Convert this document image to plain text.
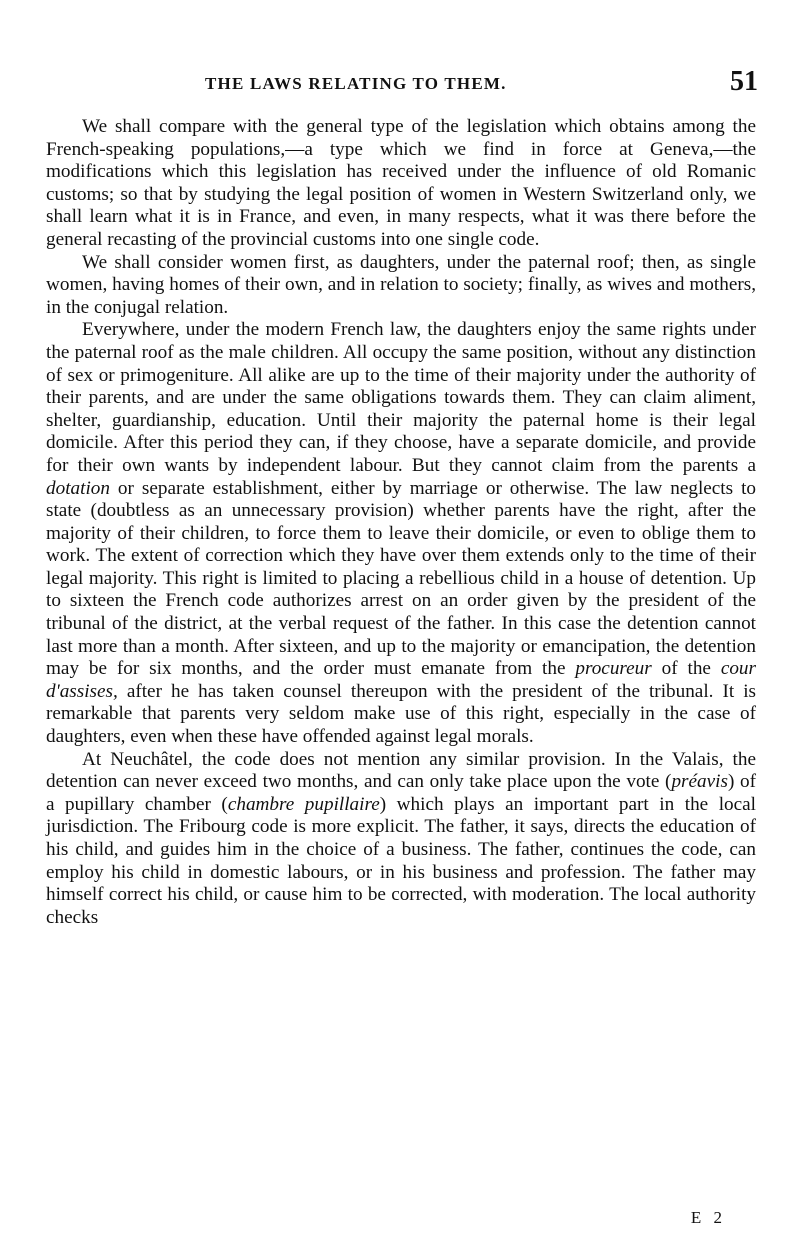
THE LAWS RELATING TO THEM.	51

We shall compare with the general type of the legislation which obtains among the French-speaking populations,—a type which we find in force at Geneva,—the modifications which this legislation has received under the influence of old Romanic customs; so that by studying the legal position of women in Western Switzerland only, we shall learn what it is in France, and even, in many respects, what it was there before the general recasting of the provincial customs into one single code.

We shall consider women first, as daughters, under the paternal roof; then, as single women, having homes of their own, and in relation to society; finally, as wives and mothers, in the conjugal relation.

Everywhere, under the modern French law, the daughters enjoy the same rights under the paternal roof as the male children. All occupy the same position, without any distinction of sex or primogeniture. All alike are up to the time of their majority under the authority of their parents, and are under the same obligations towards them. They can claim aliment, shelter, guardianship, education. Until their majority the paternal home is their legal domicile. After this period they can, if they choose, have a separate domicile, and provide for their own wants by independent labour. But they cannot claim from the parents a dotation or separate establishment, either by marriage or otherwise. The law neglects to state (doubtless as an unnecessary provision) whether parents have the right, after the majority of their children, to force them to leave their domicile, or even to oblige them to work. The extent of correction which they have over them extends only to the time of their legal majority. This right is limited to placing a rebellious child in a house of detention. Up to sixteen the French code authorizes arrest on an order given by the president of the tribunal of the district, at the verbal request of the father. In this case the detention cannot last more than a month. After sixteen, and up to the majority or emancipation, the detention may be for six months, and the order must emanate from the procureur of the cour d'assises, after he has taken counsel thereupon with the president of the tribunal. It is remarkable that parents very seldom make use of this right, especially in the case of daughters, even when these have offended against legal morals.

At Neuchâtel, the code does not mention any similar provision. In the Valais, the detention can never exceed two months, and can only take place upon the vote (préavis) of a pupillary chamber (chambre pupillaire) which plays an important part in the local jurisdiction. The Fribourg code is more explicit. The father, it says, directs the education of his child, and guides him in the choice of a business. The father, continues the code, can employ his child in domestic labours, or in his business and profession. The father may himself correct his child, or cause him to be corrected, with moderation. The local authority checks

E 2
